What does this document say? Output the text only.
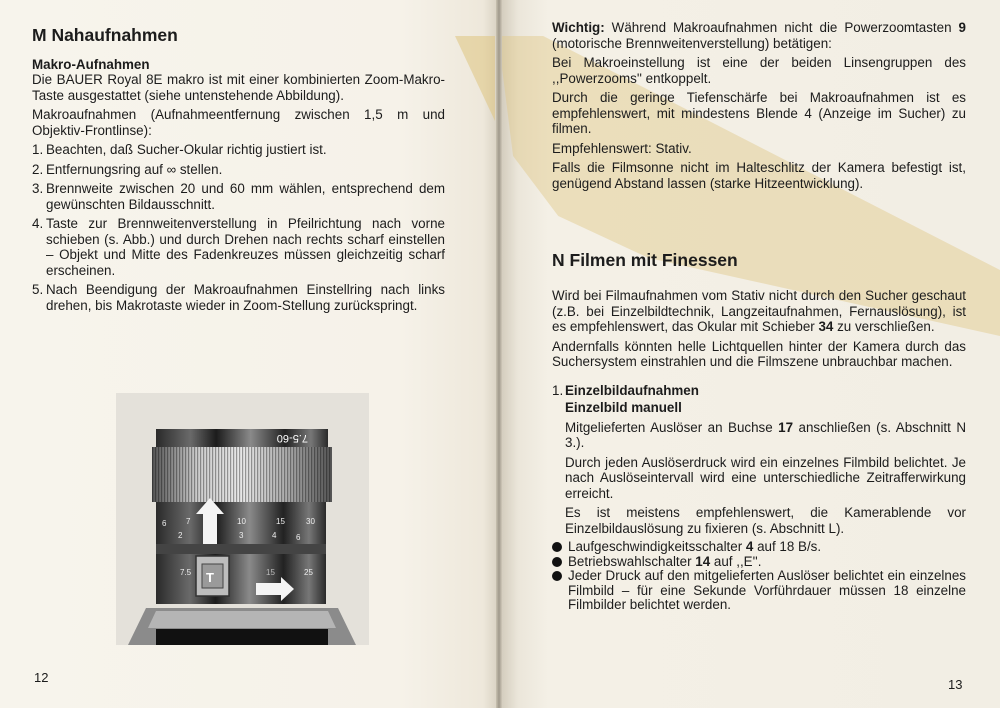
M Nahaufnahmen
Makro-Aufnahmen

Die BAUER Royal 8E makro ist mit einer kombinierten Zoom-Makro-Taste ausgestattet (siehe untenstehende Abbildung).

Makroaufnahmen (Aufnahmeentfernung zwischen 1,5 m und Objektiv-Frontlinse):

1. Beachten, daß Sucher-Okular richtig justiert ist.
2. Entfernungsring auf ∞ stellen.
3. Brennweite zwischen 20 und 60 mm wählen, entsprechend dem gewünschten Bildausschnitt.
4. Taste zur Brennweitenverstellung in Pfeilrichtung nach vorne schieben (s. Abb.) und durch Drehen nach rechts scharf einstellen – Objekt und Mitte des Fadenkreuzes müssen gleichzeitig scharf erscheinen.
5. Nach Beendigung der Makroaufnahmen Einstellring nach links drehen, bis Makrotaste wieder in Zoom-Stellung zurückspringt.
7.5-60
6 7	10	15	30
2	3	4 6
7.5	15	25
T
12

Wichtig: Während Makroaufnahmen nicht die Powerzoomtasten 9 (motorische Brennweitenverstellung) betätigen:

Bei Makroeinstellung ist eine der beiden Linsengruppen des ,,Powerzooms'' entkoppelt.

Durch die geringe Tiefenschärfe bei Makroaufnahmen ist es empfehlenswert, mit mindestens Blende 4 (Anzeige im Sucher) zu filmen.

Empfehlenswert: Stativ.

Falls die Filmsonne nicht im Halteschlitz der Kamera befestigt ist, genügend Abstand lassen (starke Hitzeentwicklung).

N Filmen mit Finessen

Wird bei Filmaufnahmen vom Stativ nicht durch den Sucher geschaut (z.B. bei Einzelbildtechnik, Langzeitaufnahmen, Fernauslösung), ist es empfehlenswert, das Okular mit Schieber 34 zu verschließen.

Andernfalls könnten helle Lichtquellen hinter der Kamera durch das Suchersystem einstrahlen und die Filmszene unbrauchbar machen.

1. Einzelbildaufnahmen
Einzelbild manuell

Mitgelieferten Auslöser an Buchse 17 anschließen (s. Abschnitt N 3.).

Durch jeden Auslöserdruck wird ein einzelnes Filmbild belichtet. Je nach Auslöseintervall wird eine unterschiedliche Zeitrafferwirkung erreicht.

Es ist meistens empfehlenswert, die Kamerablende vor Einzelbildauslösung zu fixieren (s. Abschnitt L).

Laufgeschwindigkeitsschalter 4 auf 18 B/s.
Betriebswahlschalter 14 auf ,,E''.
Jeder Druck auf den mitgelieferten Auslöser belichtet ein einzelnes Filmbild – für eine Sekunde Vorführdauer müssen 18 einzelne Filmbilder belichtet werden.
13
